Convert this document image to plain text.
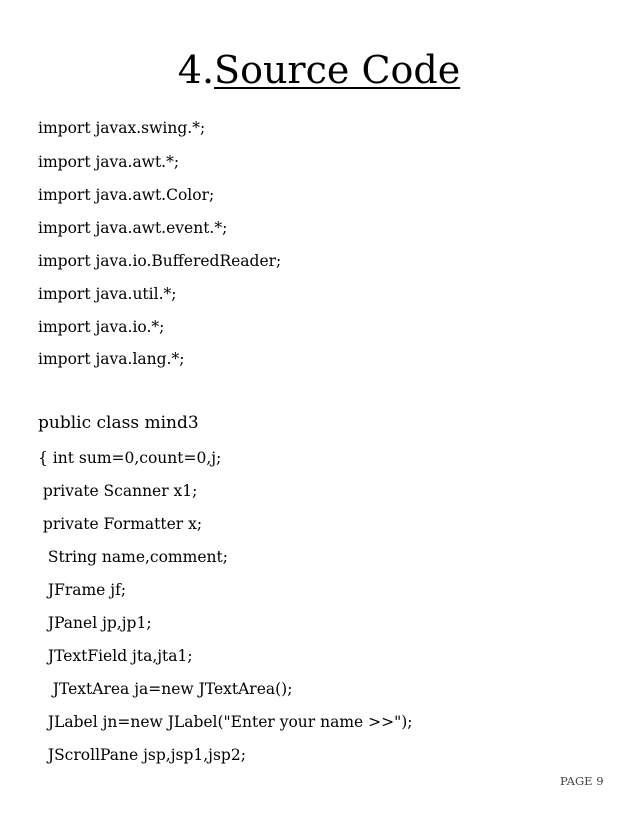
4.Source Code
import javax.swing.*;
import java.awt.*;
import java.awt.Color;
import java.awt.event.*;
import java.io.BufferedReader;
import java.util.*;
import java.io.*;
import java.lang.*;
public class mind3
{ int sum=0,count=0,j;
private Scanner x1;
private Formatter x;
String name,comment;
JFrame jf;
JPanel jp,jp1;
JTextField jta,jta1;
JTextArea ja=new JTextArea();
JLabel jn=new JLabel("Enter your name >>");
JScrollPane jsp,jsp1,jsp2;
PAGE 9
